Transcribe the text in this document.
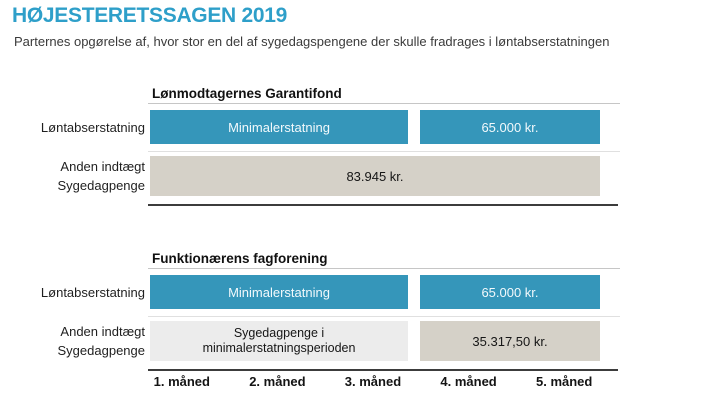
HØJESTERETSSAGEN 2019
Parternes opgørelse af, hvor stor en del af sygedagspengene der skulle fradrages i løntabserstatningen
Lønmodtagernes Garantifond
Løntabserstatning	Minimalerstatning	65.000 kr.
Anden indtægt
Sygedagpenge
83.945 kr.
Funktionærens fagforening
Løntabserstatning	Minimalerstatning	65.000 kr.
Anden indtægt
Sygedagpenge
Sygedagpenge i minimalerstatningsperioden	35.317,50 kr.
1. måned	2. måned	3. måned	4. måned	5. måned
